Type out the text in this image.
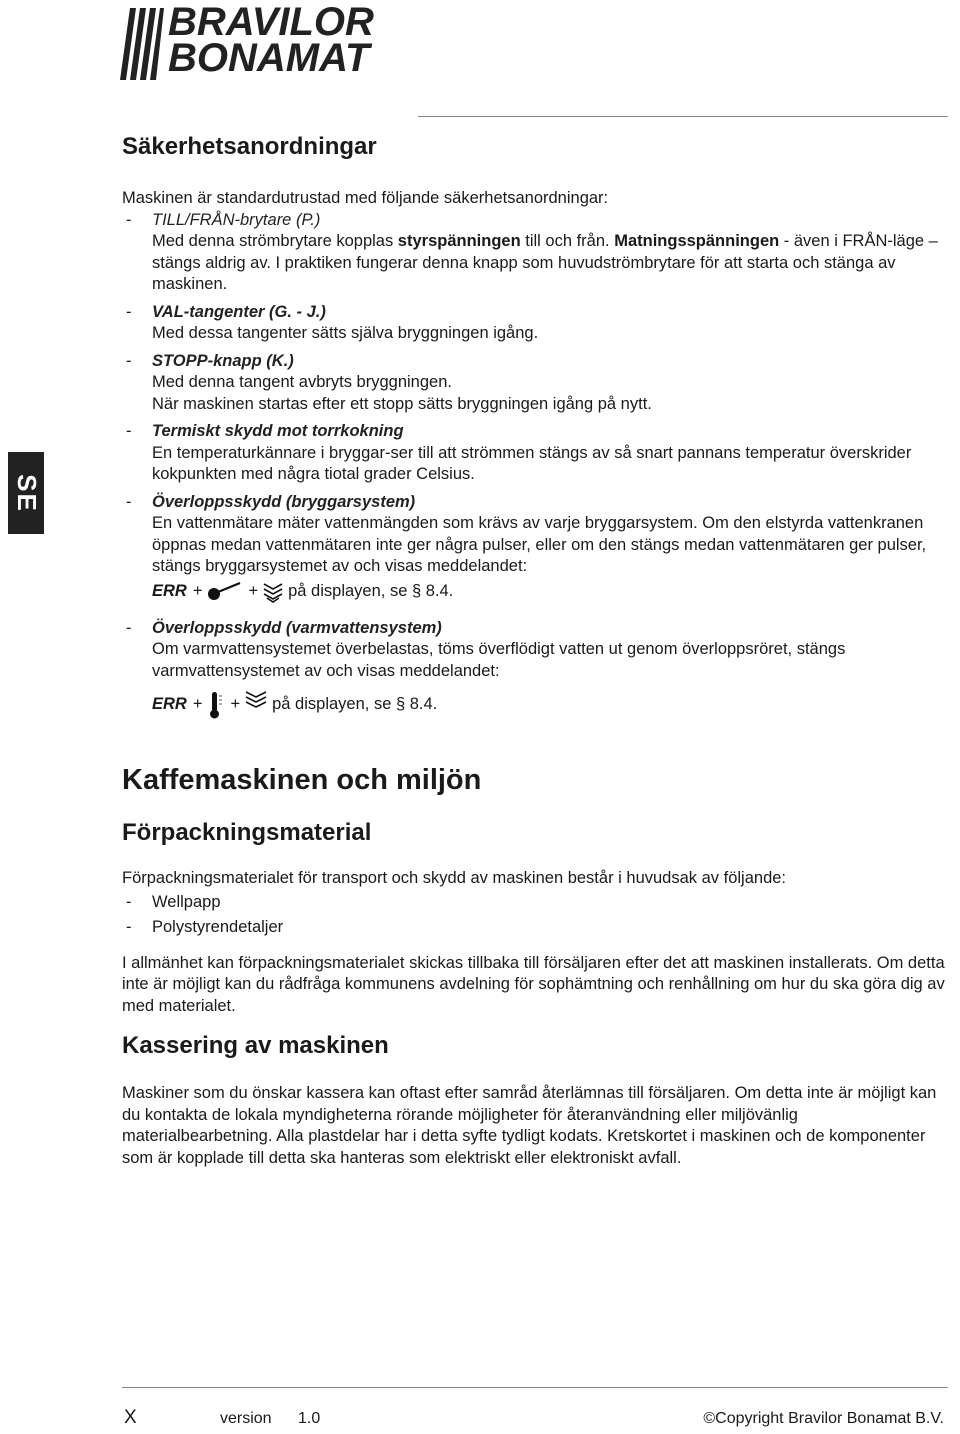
BRAVILOR
BONAMAT
SE
Säkerhetsanordningar

Maskinen är standardutrustad med följande säkerhetsanordningar:

-	TILL/FRÅN-brytare (P.)

Med denna strömbrytare kopplas styrspänningen till och från. Matningsspänningen - även i FRÅN-läge – stängs aldrig av. I praktiken fungerar denna knapp som huvudströmbrytare för att starta och stänga av maskinen.

-	VAL-tangenter (G. - J.)

Med dessa tangenter sätts själva bryggningen igång.

-	STOPP-knapp (K.)

Med denna tangent avbryts bryggningen.

När maskinen startas efter ett stopp sätts bryggningen igång på nytt.

-	Termiskt skydd mot torrkokning

En temperaturkännare i bryggar-ser till att strömmen stängs av så snart pannans temperatur överskrider kokpunkten med några tiotal grader Celsius.

-	Överloppsskydd (bryggarsystem)

En vattenmätare mäter vattenmängden som krävs av varje bryggarsystem. Om den elstyrda vattenkranen öppnas medan vattenmätaren inte ger några pulser, eller om den stängs medan vattenmätaren ger pulser, stängs bryggarsystemet av och visas meddelandet:

ERR +	+ på displayen, se § 8.4.
-	Överloppsskydd (varmvattensystem)

Om varmvattensystemet överbelastas, töms överflödigt vatten ut genom överloppsröret, stängs varmvattensystemet av och visas meddelandet:

ERR + + på displayen, se § 8.4.
Kaffemaskinen och miljön
Förpackningsmaterial

Förpackningsmaterialet för transport och skydd av maskinen består i huvudsak av följande:

-	Wellpapp
-	Polystyrendetaljer

I allmänhet kan förpackningsmaterialet skickas tillbaka till försäljaren efter det att maskinen installerats. Om detta inte är möjligt kan du rådfråga kommunens avdelning för sophämtning och renhållning om hur du ska göra dig av med materialet.

Kassering av maskinen

Maskiner som du önskar kassera kan oftast efter samråd återlämnas till försäljaren. Om detta inte är möjligt kan du kontakta de lokala myndigheterna rörande möjligheter för återanvändning eller miljövänlig materialbearbetning. Alla plastdelar har i detta syfte tydligt kodats. Kretskortet i maskinen och de komponenter som är kopplade till detta ska hanteras som elektriskt eller elektroniskt avfall.

X	version 1.0	©Copyright Bravilor Bonamat B.V.
